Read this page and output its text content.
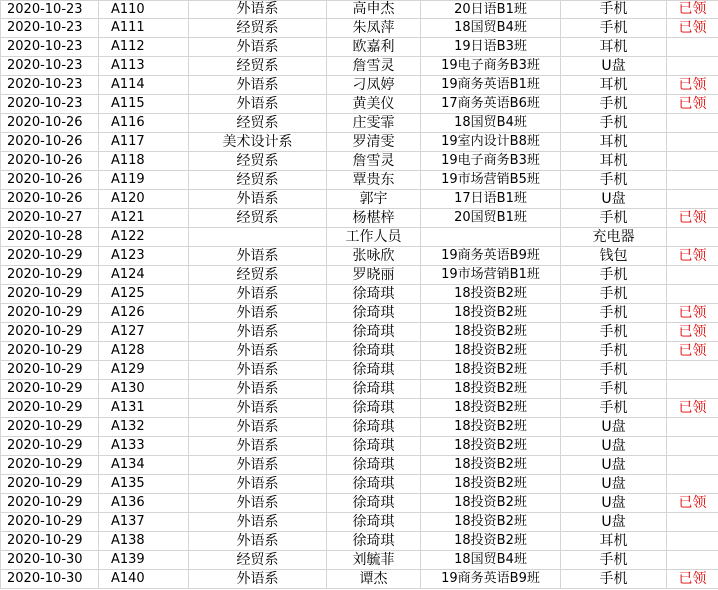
2020-10-23	A110	外语系	高申杰	20日语B1班	手机	已领
2020-10-23	A111	经贸系	朱凤萍	18国贸B4班	手机	已领
2020-10-23	A112	外语系	欧嘉利	19日语B3班	耳机	
2020-10-23	A113	经贸系	詹雪灵	19电子商务B3班	U盘	
2020-10-23	A114	外语系	刁凤婷	19商务英语B1班	耳机	已领
2020-10-23	A115	外语系	黄美仪	17商务英语B6班	手机	已领
2020-10-26	A116	经贸系	庄雯霏	18国贸B4班	手机	
2020-10-26	A117	美术设计系	罗清雯	19室内设计B8班	耳机	
2020-10-26	A118	经贸系	詹雪灵	19电子商务B3班	耳机	
2020-10-26	A119	经贸系	覃贵东	19市场营销B5班	手机	
2020-10-26	A120	外语系	郭宇	17日语B1班	U盘	
2020-10-27	A121	经贸系	杨椹梓	20国贸B1班	手机	已领
2020-10-28	A122		工作人员		充电器	
2020-10-29	A123	外语系	张咏欣	19商务英语B9班	钱包	已领
2020-10-29	A124	经贸系	罗晓丽	19市场营销B1班	手机	
2020-10-29	A125	外语系	徐琦琪	18投资B2班	手机	
2020-10-29	A126	外语系	徐琦琪	18投资B2班	手机	已领
2020-10-29	A127	外语系	徐琦琪	18投资B2班	手机	已领
2020-10-29	A128	外语系	徐琦琪	18投资B2班	手机	已领
2020-10-29	A129	外语系	徐琦琪	18投资B2班	手机	
2020-10-29	A130	外语系	徐琦琪	18投资B2班	手机	
2020-10-29	A131	外语系	徐琦琪	18投资B2班	手机	已领
2020-10-29	A132	外语系	徐琦琪	18投资B2班	U盘	
2020-10-29	A133	外语系	徐琦琪	18投资B2班	U盘	
2020-10-29	A134	外语系	徐琦琪	18投资B2班	U盘	
2020-10-29	A135	外语系	徐琦琪	18投资B2班	U盘	
2020-10-29	A136	外语系	徐琦琪	18投资B2班	U盘	已领
2020-10-29	A137	外语系	徐琦琪	18投资B2班	U盘	
2020-10-29	A138	外语系	徐琦琪	18投资B2班	耳机	
2020-10-30	A139	经贸系	刘毓菲	18国贸B4班	手机	
2020-10-30	A140	外语系	谭杰	19商务英语B9班	手机	已领
